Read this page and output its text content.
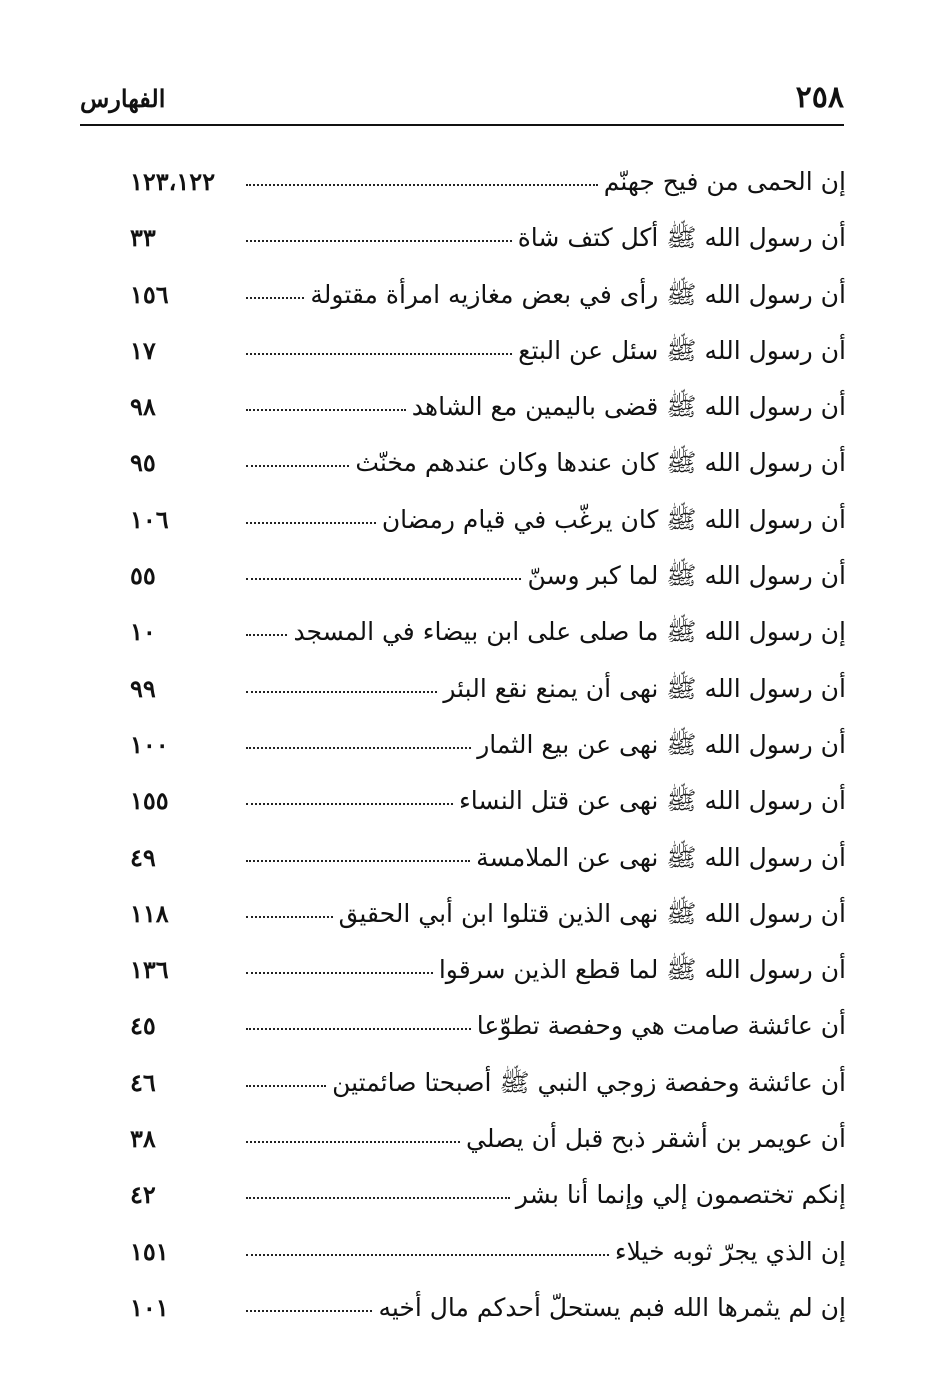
٢٥٨
الفهارس
إن الحمى من فيح جهنّم
١٢٣،١٢٢
أن رسول الله ﷺ أكل كتف شاة
٣٣
أن رسول الله ﷺ رأى في بعض مغازيه امرأة مقتولة
١٥٦
أن رسول الله ﷺ سئل عن البتع
١٧
أن رسول الله ﷺ قضى باليمين مع الشاهد
٩٨
أن رسول الله ﷺ كان عندها وكان عندهم مخنّث
٩٥
أن رسول الله ﷺ كان يرغّب في قيام رمضان
١٠٦
أن رسول الله ﷺ لما كبر وسنّ
٥٥
إن رسول الله ﷺ ما صلى على ابن بيضاء في المسجد
١٠
أن رسول الله ﷺ نهى أن يمنع نقع البئر
٩٩
أن رسول الله ﷺ نهى عن بيع الثمار
١٠٠
أن رسول الله ﷺ نهى عن قتل النساء
١٥٥
أن رسول الله ﷺ نهى عن الملامسة
٤٩
أن رسول الله ﷺ نهى الذين قتلوا ابن أبي الحقيق
١١٨
أن رسول الله ﷺ لما قطع الذين سرقوا
١٣٦
أن عائشة صامت هي وحفصة تطوّعا
٤٥
أن عائشة وحفصة زوجي النبي ﷺ أصبحتا صائمتين
٤٦
أن عويمر بن أشقر ذبح قبل أن يصلي
٣٨
إنكم تختصمون إلي وإنما أنا بشر
٤٢
إن الذي يجرّ ثوبه خيلاء
١٥١
إن لم يثمرها الله فبم يستحلّ أحدكم مال أخيه
١٠١
